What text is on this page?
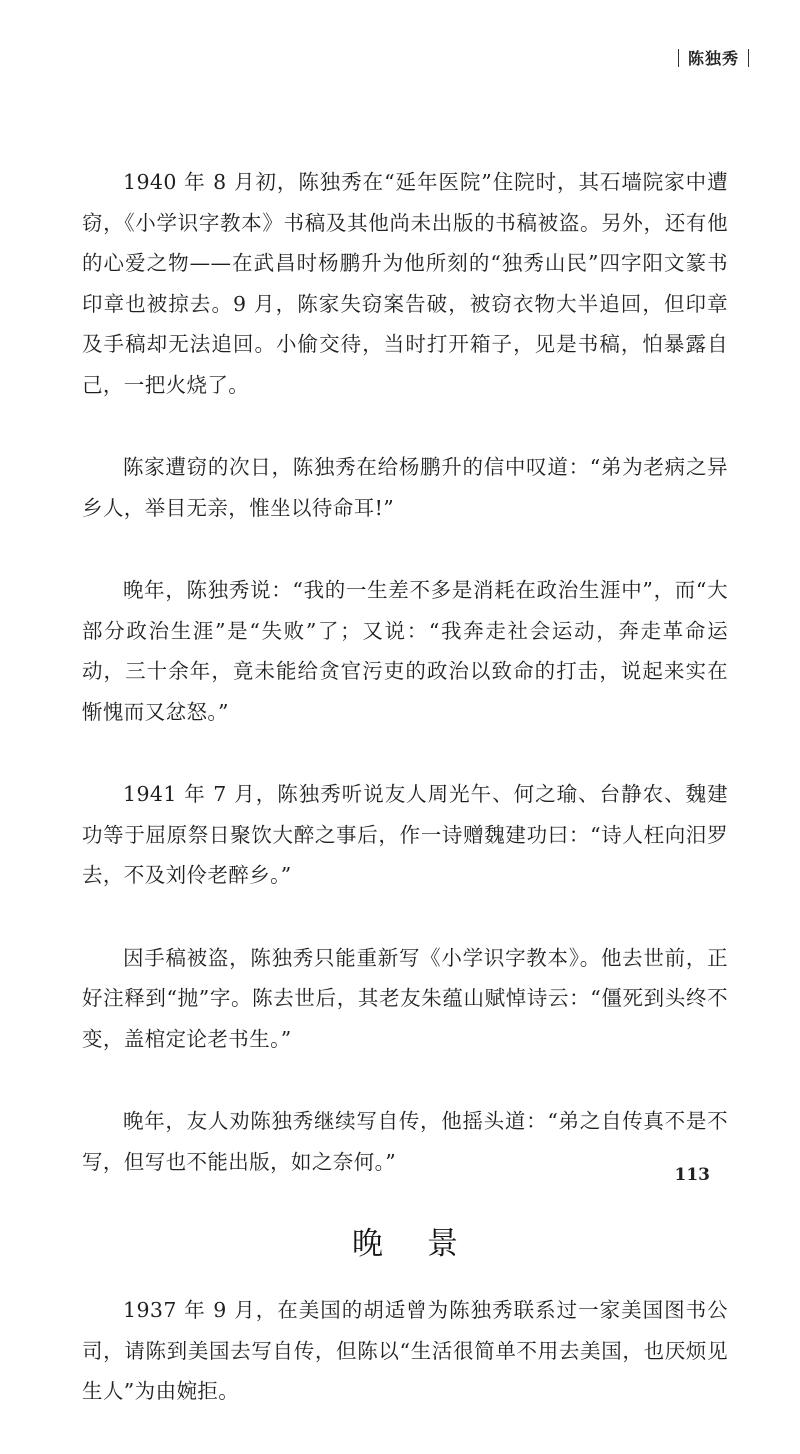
陈独秀

1940 年 8 月初，陈独秀在“延年医院”住院时，其石墙院家中遭窃，《小学识字教本》书稿及其他尚未出版的书稿被盗。另外，还有他的心爱之物——在武昌时杨鹏升为他所刻的“独秀山民”四字阳文篆书印章也被掠去。9 月，陈家失窃案告破，被窃衣物大半追回，但印章及手稿却无法追回。小偷交待，当时打开箱子，见是书稿，怕暴露自己，一把火烧了。

陈家遭窃的次日，陈独秀在给杨鹏升的信中叹道：“弟为老病之异乡人，举目无亲，惟坐以待命耳!”

晚年，陈独秀说：“我的一生差不多是消耗在政治生涯中”，而“大部分政治生涯”是“失败”了；又说：“我奔走社会运动，奔走革命运动，三十余年，竟未能给贪官污吏的政治以致命的打击，说起来实在惭愧而又忿怒。”

1941 年 7 月，陈独秀听说友人周光午、何之瑜、台静农、魏建功等于屈原祭日聚饮大醉之事后，作一诗赠魏建功曰：“诗人枉向汨罗去，不及刘伶老醉乡。”

因手稿被盗，陈独秀只能重新写《小学识字教本》。他去世前，正好注释到“抛”字。陈去世后，其老友朱蕴山赋悼诗云：“僵死到头终不变，盖棺定论老书生。”

晚年，友人劝陈独秀继续写自传，他摇头道：“弟之自传真不是不写，但写也不能出版，如之奈何。”

晚景

1937 年 9 月，在美国的胡适曾为陈独秀联系过一家美国图书公司，请陈到美国去写自传，但陈以“生活很简单不用去美国，也厌烦见生人”为由婉拒。

113
